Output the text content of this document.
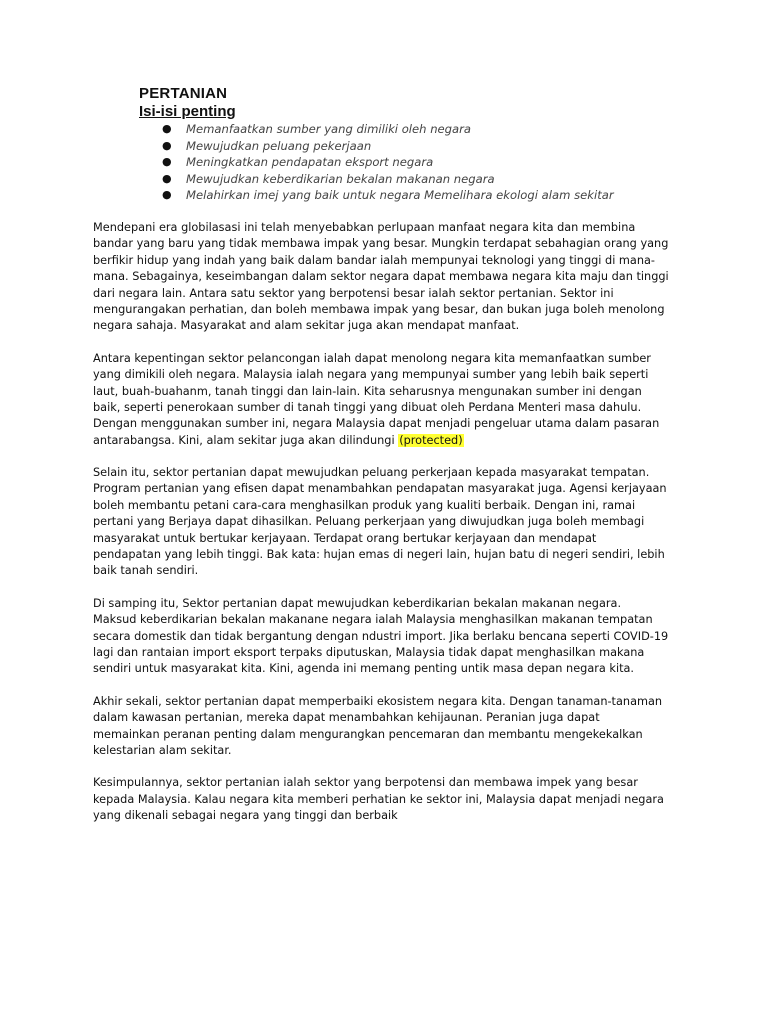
PERTANIAN
Isi-isi penting
● Memanfaatkan sumber yang dimiliki oleh negara
● Mewujudkan peluang pekerjaan
● Meningkatkan pendapatan eksport negara
● Mewujudkan keberdikarian bekalan makanan negara
● Melahirkan imej yang baik untuk negara Memelihara ekologi alam sekitar

Mendepani era globilasasi ini telah menyebabkan perlupaan manfaat negara kita dan membina
bandar yang baru yang tidak membawa impak yang besar. Mungkin terdapat sebahagian orang yang
berfikir hidup yang indah yang baik dalam bandar ialah mempunyai teknologi yang tinggi di mana-
mana. Sebagainya, keseimbangan dalam sektor negara dapat membawa negara kita maju dan tinggi
dari negara lain. Antara satu sektor yang berpotensi besar ialah sektor pertanian. Sektor ini
mengurangakan perhatian, dan boleh membawa impak yang besar, dan bukan juga boleh menolong
negara sahaja. Masyarakat and alam sekitar juga akan mendapat manfaat.

Antara kepentingan sektor pelancongan ialah dapat menolong negara kita memanfaatkan sumber
yang dimikili oleh negara. Malaysia ialah negara yang mempunyai sumber yang lebih baik seperti
laut, buah-buahanm, tanah tinggi dan lain-lain. Kita seharusnya mengunakan sumber ini dengan
baik, seperti penerokaan sumber di tanah tinggi yang dibuat oleh Perdana Menteri masa dahulu.
Dengan menggunakan sumber ini, negara Malaysia dapat menjadi pengeluar utama dalam pasaran
antarabangsa. Kini, alam sekitar juga akan dilindungi (protected)

Selain itu, sektor pertanian dapat mewujudkan peluang perkerjaan kepada masyarakat tempatan.
Program pertanian yang efisen dapat menambahkan pendapatan masyarakat juga. Agensi kerjayaan
boleh membantu petani cara-cara menghasilkan produk yang kualiti berbaik. Dengan ini, ramai
pertani yang Berjaya dapat dihasilkan. Peluang perkerjaan yang diwujudkan juga boleh membagi
masyarakat untuk bertukar kerjayaan. Terdapat orang bertukar kerjayaan dan mendapat
pendapatan yang lebih tinggi. Bak kata: hujan emas di negeri lain, hujan batu di negeri sendiri, lebih
baik tanah sendiri.

Di samping itu, Sektor pertanian dapat mewujudkan keberdikarian bekalan makanan negara.
Maksud keberdikarian bekalan makanane negara ialah Malaysia menghasilkan makanan tempatan
secara domestik dan tidak bergantung dengan ndustri import. Jika berlaku bencana seperti COVID-19
lagi dan rantaian import eksport terpaks diputuskan, Malaysia tidak dapat menghasilkan makana
sendiri untuk masyarakat kita. Kini, agenda ini memang penting untik masa depan negara kita.

Akhir sekali, sektor pertanian dapat memperbaiki ekosistem negara kita. Dengan tanaman-tanaman
dalam kawasan pertanian, mereka dapat menambahkan kehijaunan. Peranian juga dapat
memainkan peranan penting dalam mengurangkan pencemaran dan membantu mengekekalkan
kelestarian alam sekitar.

Kesimpulannya, sektor pertanian ialah sektor yang berpotensi dan membawa impek yang besar
kepada Malaysia. Kalau negara kita memberi perhatian ke sektor ini, Malaysia dapat menjadi negara
yang dikenali sebagai negara yang tinggi dan berbaik
